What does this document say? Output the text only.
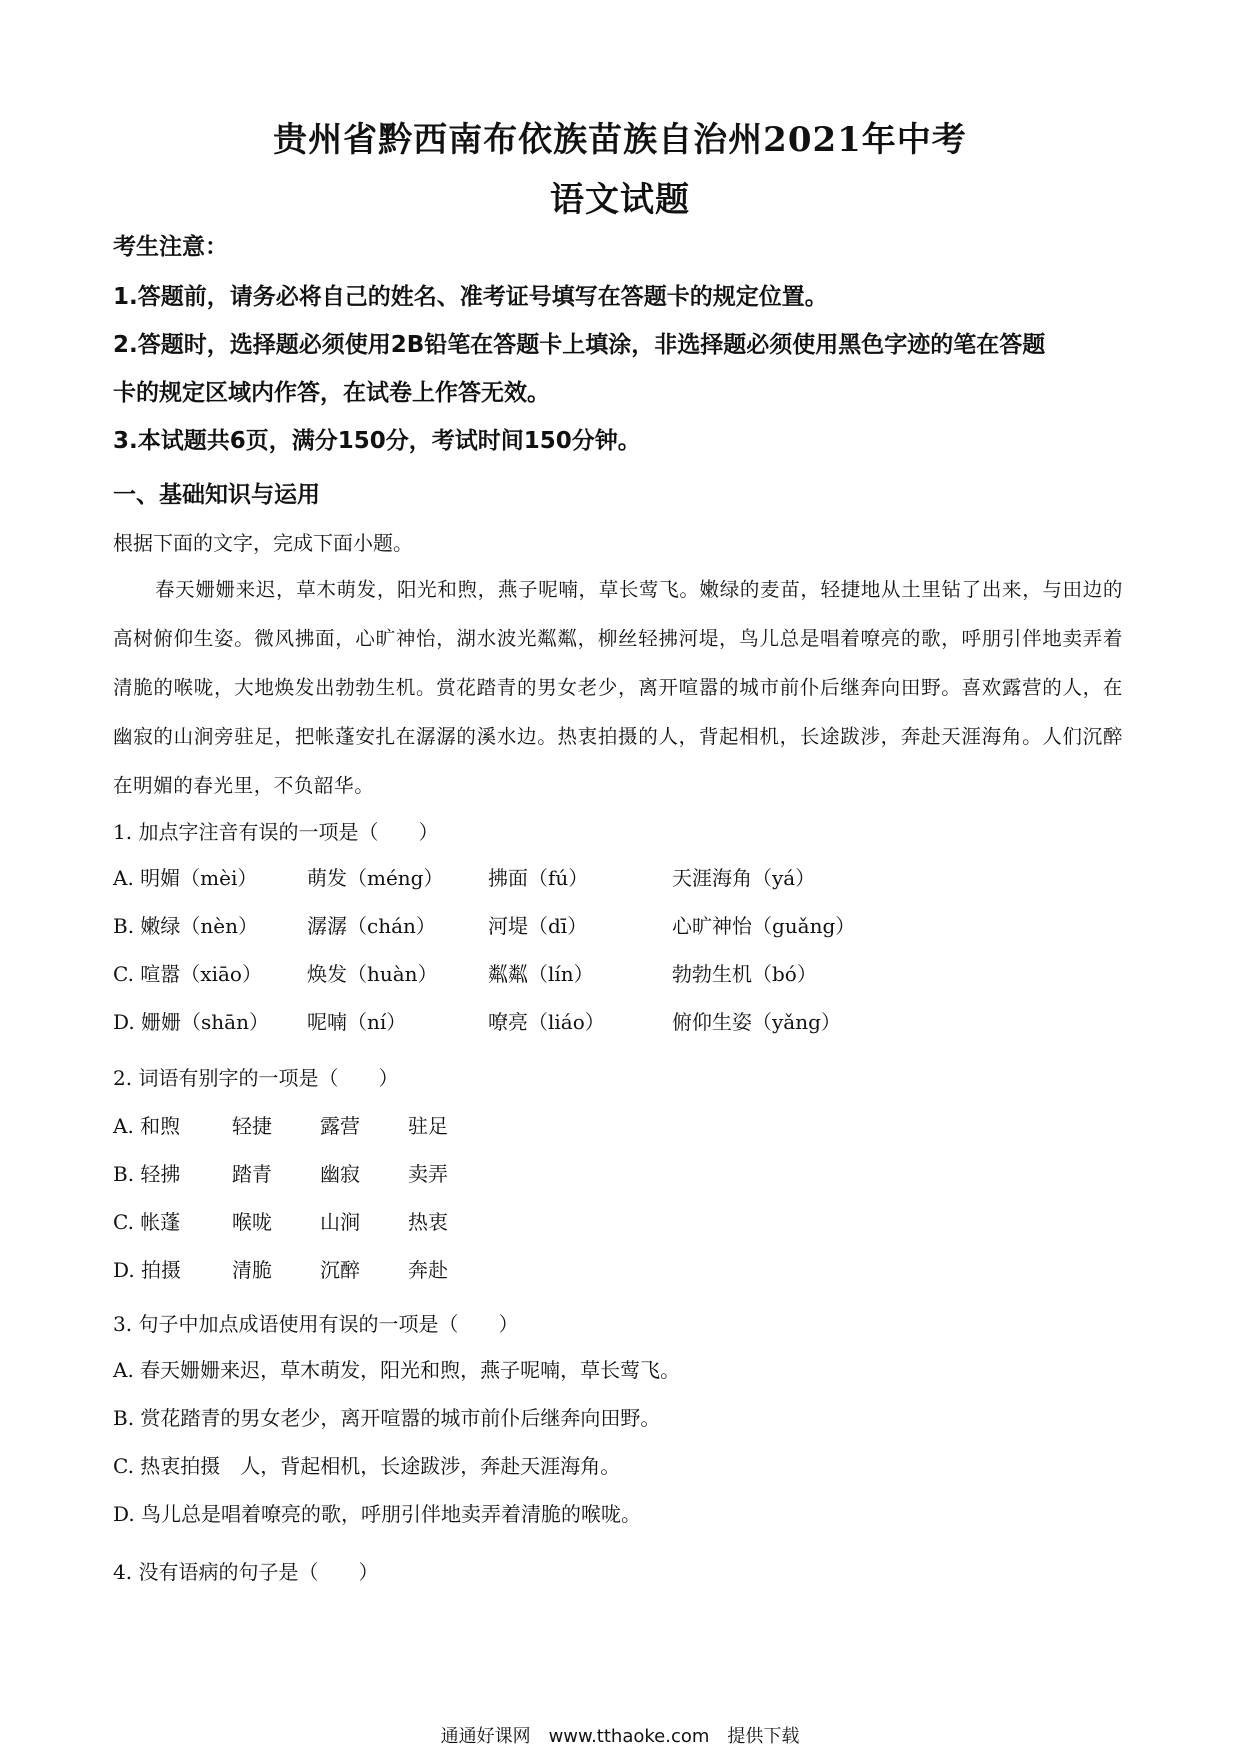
贵州省黔西南布依族苗族自治州2021年中考
语文试题
考生注意：
1.答题前，请务必将自己的姓名、准考证号填写在答题卡的规定位置。
2.答题时，选择题必须使用2B铅笔在答题卡上填涂，非选择题必须使用黑色字迹的笔在答题
卡的规定区域内作答，在试卷上作答无效。
3.本试题共6页，满分150分，考试时间150分钟。
一、基础知识与运用
根据下面的文字，完成下面小题。
春天姗姗来迟，草木萌发，阳光和煦，燕子呢喃，草长莺飞。嫩绿的麦苗，轻捷地从土里钻了出来，与田边的高树俯仰生姿。微风拂面，心旷神怡，湖水波光粼粼，柳丝轻拂河堤，鸟儿总是唱着嘹亮的歌，呼朋引伴地卖弄着清脆的喉咙，大地焕发出勃勃生机。赏花踏青的男女老少，离开喧嚣的城市前仆后继奔向田野。喜欢露营的人，在幽寂的山涧旁驻足，把帐蓬安扎在潺潺的溪水边。热衷拍摄的人，背起相机，长途跋涉，奔赴天涯海角。人们沉醉在明媚的春光里，不负韶华。
1. 加点字注音有误的一项是（　　）
A. 明媚（mèi） 萌发（méng） 拂面（fú）	天涯海角（yá）
B. 嫩绿（nèn） 潺潺（chán）	河堤（dī）	心旷神怡（guǎng）
C. 喧嚣（xiāo） 焕发（huàn）	粼粼（lín）	勃勃生机（bó）
D. 姗姗（shān） 呢喃（ní）	嘹亮（liáo）	俯仰生姿（yǎng）
2. 词语有别字的一项是（　　）
A. 和煦	轻捷 露营 驻足
B. 轻拂	踏青 幽寂 卖弄
C. 帐蓬	喉咙 山涧 热衷
D. 拍摄	清脆 沉醉 奔赴
3. 句子中加点成语使用有误的一项是（　　）
A. 春天姗姗来迟，草木萌发，阳光和煦，燕子呢喃，草长莺飞。
B. 赏花踏青的男女老少，离开喧嚣的城市前仆后继奔向田野。
C. 热衷拍摄　人，背起相机，长途跋涉，奔赴天涯海角。
D. 鸟儿总是唱着嘹亮的歌，呼朋引伴地卖弄着清脆的喉咙。
4. 没有语病的句子是（　　）
通通好课网　www.tthaoke.com　提供下载
